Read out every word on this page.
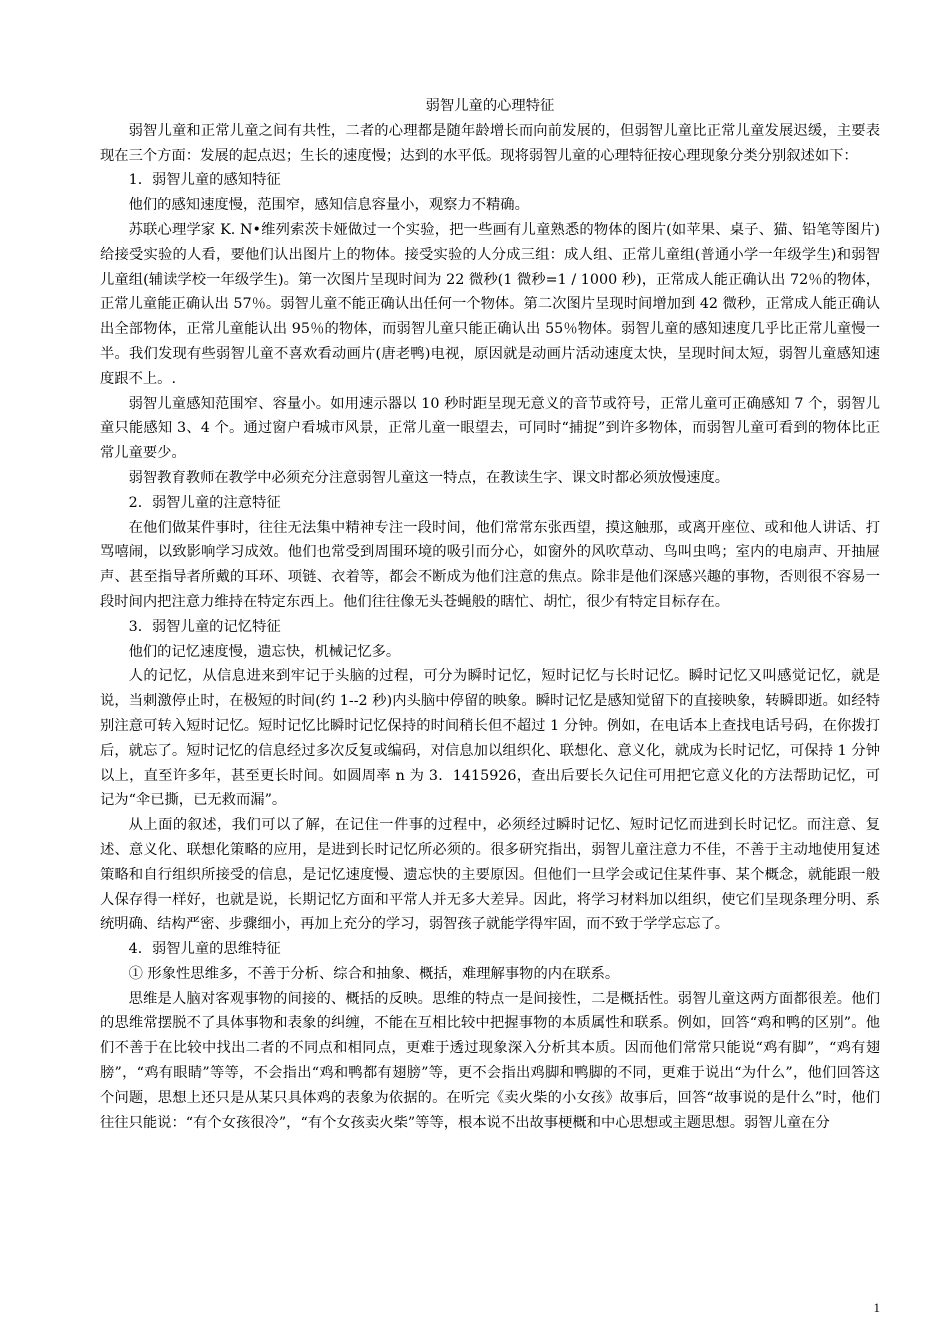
弱智儿童的心理特征

弱智儿童和正常儿童之间有共性，二者的心理都是随年龄增长而向前发展的，但弱智儿童比正常儿童发展迟缓，主要表现在三个方面：发展的起点迟；生长的速度慢；达到的水平低。现将弱智儿童的心理特征按心理现象分类分别叙述如下：

1．弱智儿童的感知特征

他们的感知速度慢，范围窄，感知信息容量小，观察力不精确。

苏联心理学家 K. N•维列索茨卡娅做过一个实验，把一些画有儿童熟悉的物体的图片(如苹果、桌子、猫、铅笔等图片)给接受实验的人看，要他们认出图片上的物体。接受实验的人分成三组：成人组、正常儿童组(普通小学一年级学生)和弱智儿童组(辅读学校一年级学生)。第一次图片呈现时间为 22 微秒(1 微秒=1 / 1000 秒)，正常成人能正确认出 72％的物体，正常儿童能正确认出 57％。弱智儿童不能正确认出任何一个物体。第二次图片呈现时间增加到 42 微秒，正常成人能正确认出全部物体，正常儿童能认出 95％的物体，而弱智儿童只能正确认出 55％物体。弱智儿童的感知速度几乎比正常儿童慢一半。我们发现有些弱智儿童不喜欢看动画片(唐老鸭)电视，原因就是动画片活动速度太快，呈现时间太短，弱智儿童感知速度跟不上。.

弱智儿童感知范围窄、容量小。如用速示器以 10 秒时距呈现无意义的音节或符号，正常儿童可正确感知 7 个，弱智儿童只能感知 3、4 个。通过窗户看城市风景，正常儿童一眼望去，可同时“捕捉”到许多物体，而弱智儿童可看到的物体比正常儿童要少。

弱智教育教师在教学中必须充分注意弱智儿童这一特点，在教读生字、课文时都必须放慢速度。

2．弱智儿童的注意特征

在他们做某件事时，往往无法集中精神专注一段时间，他们常常东张西望，摸这触那，或离开座位、或和他人讲话、打骂嘻闹，以致影响学习成效。他们也常受到周围环境的吸引而分心，如窗外的风吹草动、鸟叫虫鸣；室内的电扇声、开抽屉声、甚至指导者所戴的耳环、项链、衣着等，都会不断成为他们注意的焦点。除非是他们深感兴趣的事物，否则很不容易一段时间内把注意力维持在特定东西上。他们往往像无头苍蝇般的瞎忙、胡忙，很少有特定目标存在。

3．弱智儿童的记忆特征

他们的记忆速度慢，遗忘快，机械记忆多。

人的记忆，从信息进来到牢记于头脑的过程，可分为瞬时记忆，短时记忆与长时记忆。瞬时记忆又叫感觉记忆，就是说，当刺激停止时，在极短的时间(约 1--2 秒)内头脑中停留的映象。瞬时记忆是感知觉留下的直接映象，转瞬即逝。如经特别注意可转入短时记忆。短时记忆比瞬时记忆保持的时间稍长但不超过 1 分钟。例如，在电话本上查找电话号码，在你拨打后，就忘了。短时记忆的信息经过多次反复或编码，对信息加以组织化、联想化、意义化，就成为长时记忆，可保持 1 分钟以上，直至许多年，甚至更长时间。如圆周率 n 为 3．1415926，查出后要长久记住可用把它意义化的方法帮助记忆，可记为“伞已撕，已无救而漏”。

从上面的叙述，我们可以了解，在记住一件事的过程中，必须经过瞬时记忆、短时记忆而进到长时记忆。而注意、复述、意义化、联想化策略的应用，是进到长时记忆所必须的。很多研究指出，弱智儿童注意力不佳，不善于主动地使用复述策略和自行组织所接受的信息，是记忆速度慢、遗忘快的主要原因。但他们一旦学会或记住某件事、某个概念，就能跟一般人保存得一样好，也就是说，长期记忆方面和平常人并无多大差异。因此，将学习材料加以组织，使它们呈现条理分明、系统明确、结构严密、步骤细小，再加上充分的学习，弱智孩子就能学得牢固，而不致于学学忘忘了。

4．弱智儿童的思维特征

① 形象性思维多，不善于分析、综合和抽象、概括，难理解事物的内在联系。

思维是人脑对客观事物的间接的、概括的反映。思维的特点一是间接性，二是概括性。弱智儿童这两方面都很差。他们的思维常摆脱不了具体事物和表象的纠缠，不能在互相比较中把握事物的本质属性和联系。例如，回答“鸡和鸭的区别”。他们不善于在比较中找出二者的不同点和相同点，更难于透过现象深入分析其本质。因而他们常常只能说“鸡有脚”，“鸡有翅膀”，“鸡有眼睛”等等，不会指出“鸡和鸭都有翅膀”等，更不会指出鸡脚和鸭脚的不同，更难于说出“为什么”，他们回答这个问题，思想上还只是从某只具体鸡的表象为依据的。在听完《卖火柴的小女孩》故事后，回答“故事说的是什么”时，他们往往只能说：“有个女孩很冷”，“有个女孩卖火柴”等等，根本说不出故事梗概和中心思想或主题思想。弱智儿童在分

1
